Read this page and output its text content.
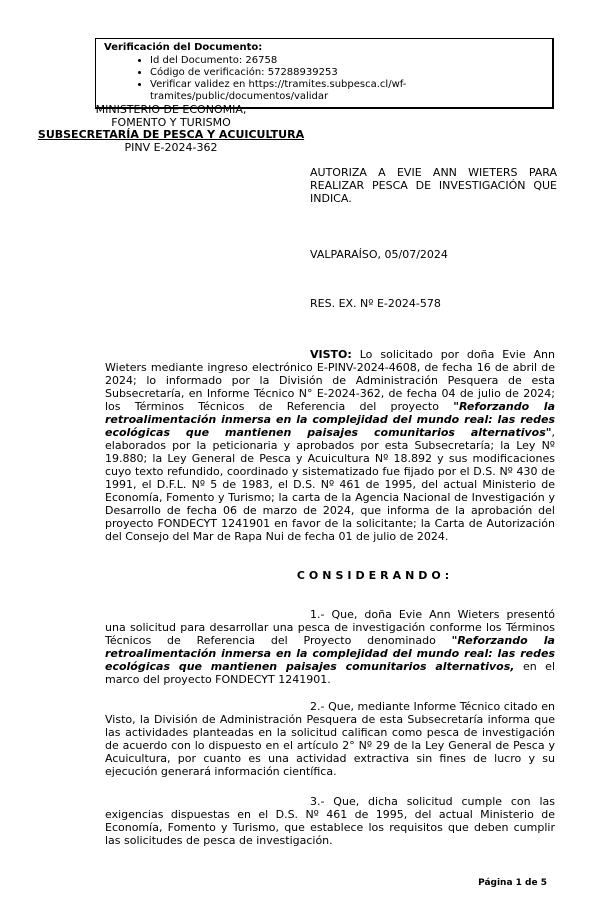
Verificación del Documento:
• Id del Documento: 26758
• Código de verificación: 57288939253
• Verificar validez en https://tramites.subpesca.cl/wf-tramites/public/documentos/validar
MINISTERIO DE ECONOMIA,
FOMENTO Y TURISMO
SUBSECRETARÍA DE PESCA Y ACUICULTURA
PINV E-2024-362
AUTORIZA A EVIE ANN WIETERS PARA REALIZAR PESCA DE INVESTIGACIÓN QUE INDICA.
VALPARAÍSO, 05/07/2024
RES. EX. Nº E-2024-578

VISTO: Lo solicitado por doña Evie Ann Wieters mediante ingreso electrónico E-PINV-2024-4608, de fecha 16 de abril de 2024; lo informado por la División de Administración Pesquera de esta Subsecretaría, en Informe Técnico N° E-2024-362, de fecha 04 de julio de 2024; los Términos Técnicos de Referencia del proyecto "Reforzando la retroalimentación inmersa en la complejidad del mundo real: las redes ecológicas que mantienen paisajes comunitarios alternativos", elaborados por la peticionaria y aprobados por esta Subsecretaría; la Ley Nº 19.880; la Ley General de Pesca y Acuicultura Nº 18.892 y sus modificaciones cuyo texto refundido, coordinado y sistematizado fue fijado por el D.S. Nº 430 de 1991, el D.F.L. Nº 5 de 1983, el D.S. Nº 461 de 1995, del actual Ministerio de Economía, Fomento y Turismo; la carta de la Agencia Nacional de Investigación y Desarrollo de fecha 06 de marzo de 2024, que informa de la aprobación del proyecto FONDECYT 1241901 en favor de la solicitante; la Carta de Autorización del Consejo del Mar de Rapa Nui de fecha 01 de julio de 2024.

CONSIDERANDO:

1.- Que, doña Evie Ann Wieters presentó una solicitud para desarrollar una pesca de investigación conforme los Términos Técnicos de Referencia del Proyecto denominado "Reforzando la retroalimentación inmersa en la complejidad del mundo real: las redes ecológicas que mantienen paisajes comunitarios alternativos, en el marco del proyecto FONDECYT 1241901.

2.- Que, mediante Informe Técnico citado en Visto, la División de Administración Pesquera de esta Subsecretaría informa que las actividades planteadas en la solicitud califican como pesca de investigación de acuerdo con lo dispuesto en el artículo 2° Nº 29 de la Ley General de Pesca y Acuicultura, por cuanto es una actividad extractiva sin fines de lucro y su ejecución generará información científica.

3.- Que, dicha solicitud cumple con las exigencias dispuestas en el D.S. Nº 461 de 1995, del actual Ministerio de Economía, Fomento y Turismo, que establece los requisitos que deben cumplir las solicitudes de pesca de investigación.

Página 1 de 5
